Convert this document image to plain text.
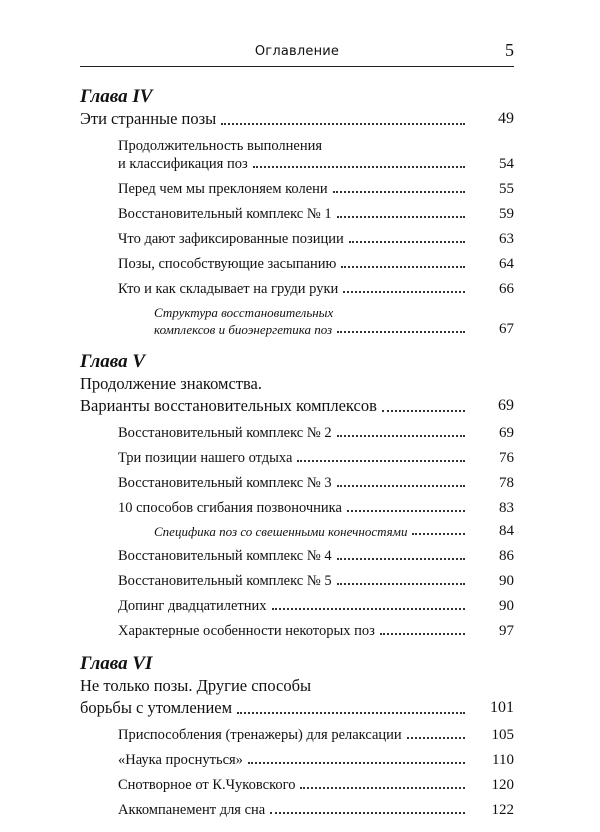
Оглавление	5
Глава IV
Эти странные позы	49
Продолжительность выполнения
и классификация поз	54
Перед чем мы преклоняем колени	55
Восстановительный комплекс № 1	59
Что дают зафиксированные позиции	63
Позы, способствующие засыпанию	64
Кто и как складывает на груди руки	66
Структура восстановительных
комплексов и биоэнергетика поз	67
Глава V
Продолжение знакомства.
Варианты восстановительных комплексов	69
Восстановительный комплекс № 2	69
Три позиции нашего отдыха	76
Восстановительный комплекс № 3	78
10 способов сгибания позвоночника	83
Специфика поз со свешенными конечностями	84
Восстановительный комплекс № 4	86
Восстановительный комплекс № 5	90
Допинг двадцатилетних	90
Характерные особенности некоторых поз	97
Глава VI
Не только позы. Другие способы
борьбы с утомлением	101
Приспособления (тренажеры) для релаксации	105
«Наука проснуться»	110
Снотворное от К.Чуковского	120
Аккомпанемент для сна	122
